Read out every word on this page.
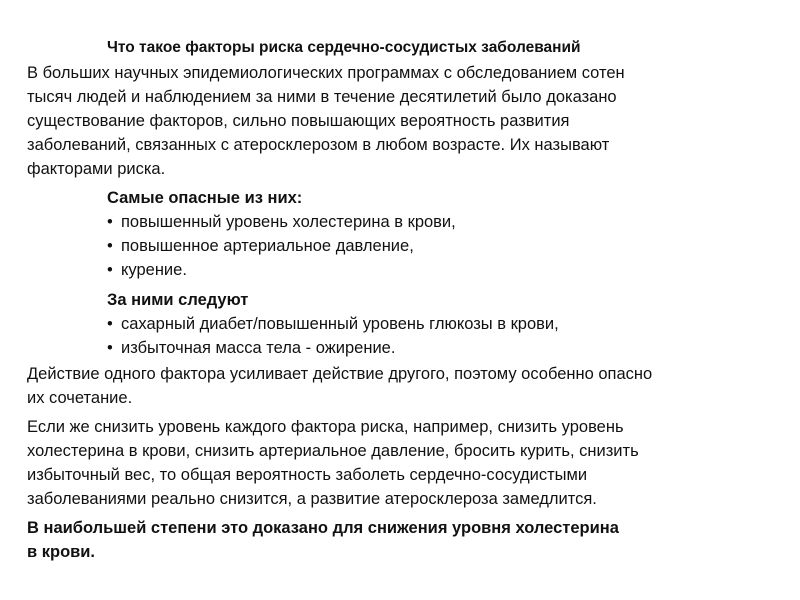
Что такое факторы риска сердечно-сосудистых заболеваний

В больших научных эпидемиологических программах с обследованием сотен
тысяч людей и наблюдением за ними в течение десятилетий было доказано
существование факторов, сильно повышающих вероятность развития
заболеваний, связанных с атеросклерозом в любом возрасте. Их называют
факторами риска.

Самые опасные из них:
• повышенный уровень холестерина в крови,
• повышенное артериальное давление,
• курение.
За ними следуют
• сахарный диабет/повышенный уровень глюкозы в крови,
• избыточная масса тела - ожирение.

Действие одного фактора усиливает действие другого, поэтому особенно опасно
их сочетание.

Если же снизить уровень каждого фактора риска, например, снизить уровень
холестерина в крови, снизить артериальное давление, бросить курить, снизить
избыточный вес, то общая вероятность заболеть сердечно-сосудистыми
заболеваниями реально снизится, а развитие атеросклероза замедлится.

В наибольшей степени это доказано для снижения уровня холестерина
в крови.
